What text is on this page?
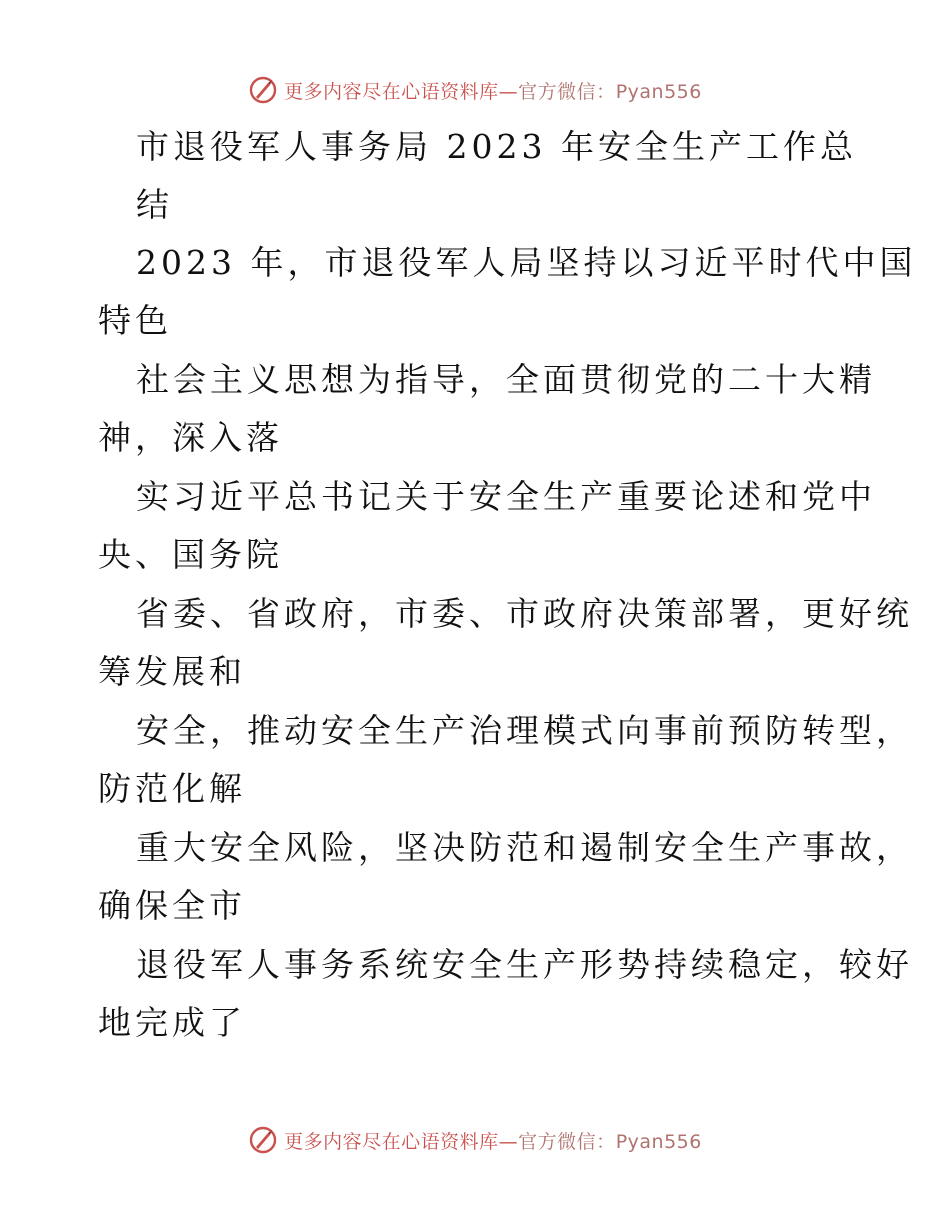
更多内容尽在心语资料库—官方微信：Pyan556
市退役军人事务局 2023 年安全生产工作总
结
2023 年，市退役军人局坚持以习近平时代中国
特色
社会主义思想为指导，全面贯彻党的二十大精
神，深入落
实习近平总书记关于安全生产重要论述和党中
央、国务院
省委、省政府，市委、市政府决策部署，更好统
筹发展和
安全，推动安全生产治理模式向事前预防转型，
防范化解
重大安全风险，坚决防范和遏制安全生产事故，
确保全市
退役军人事务系统安全生产形势持续稳定，较好
地完成了
更多内容尽在心语资料库—官方微信：Pyan556
